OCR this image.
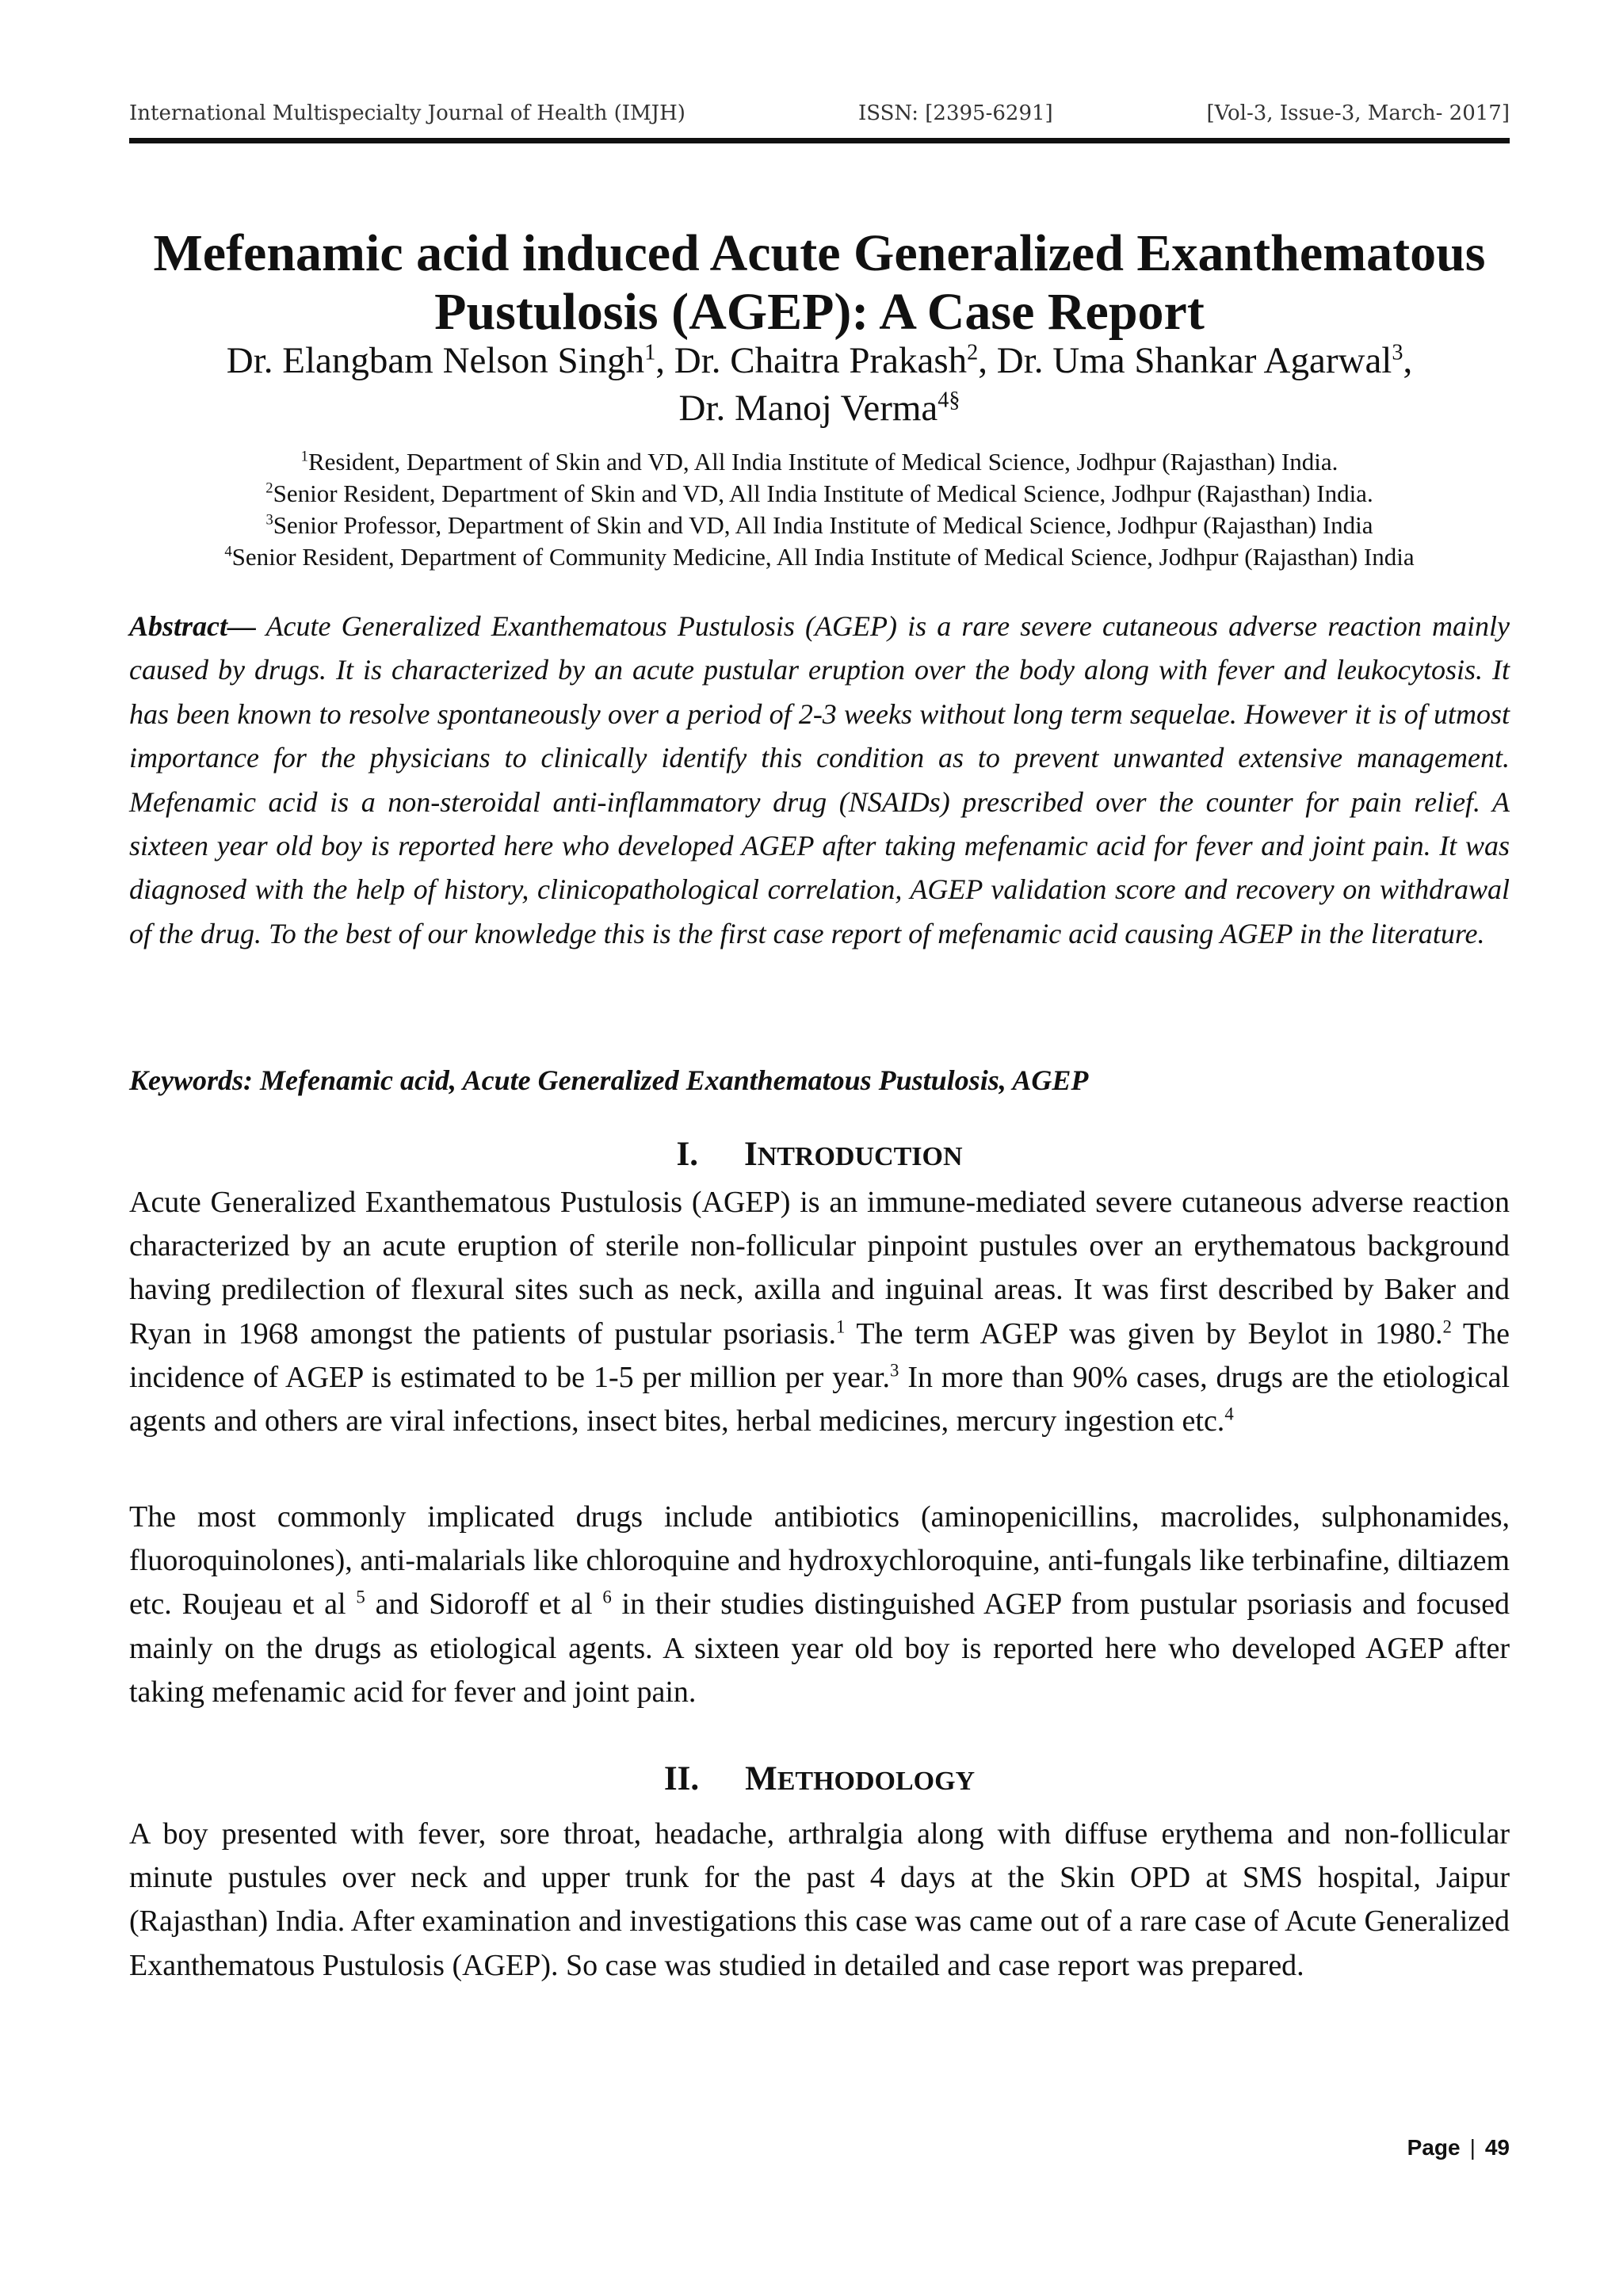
International Multispecialty Journal of Health (IMJH)	ISSN: [2395-6291]	[Vol-3, Issue-3, March- 2017]
Mefenamic acid induced Acute Generalized Exanthematous Pustulosis (AGEP): A Case Report
Dr. Elangbam Nelson Singh$^1$, Dr. Chaitra Prakash$^2$, Dr. Uma Shankar Agarwal$^3$,
Dr. Manoj Verma$^{4\S}$
$^1$Resident, Department of Skin and VD, All India Institute of Medical Science, Jodhpur (Rajasthan) India.
$^2$Senior Resident, Department of Skin and VD, All India Institute of Medical Science, Jodhpur (Rajasthan) India.
$^3$Senior Professor, Department of Skin and VD, All India Institute of Medical Science, Jodhpur (Rajasthan) India
$^4$Senior Resident, Department of Community Medicine, All India Institute of Medical Science, Jodhpur (Rajasthan) India

Abstract— Acute Generalized Exanthematous Pustulosis (AGEP) is a rare severe cutaneous adverse reaction mainly caused by drugs. It is characterized by an acute pustular eruption over the body along with fever and leukocytosis. It has been known to resolve spontaneously over a period of 2-3 weeks without long term sequelae. However it is of utmost importance for the physicians to clinically identify this condition as to prevent unwanted extensive management. Mefenamic acid is a non-steroidal anti-inflammatory drug (NSAIDs) prescribed over the counter for pain relief. A sixteen year old boy is reported here who developed AGEP after taking mefenamic acid for fever and joint pain. It was diagnosed with the help of history, clinicopathological correlation, AGEP validation score and recovery on withdrawal of the drug. To the best of our knowledge this is the first case report of mefenamic acid causing AGEP in the literature.

Keywords: Mefenamic acid, Acute Generalized Exanthematous Pustulosis, AGEP

I. INTRODUCTION

Acute Generalized Exanthematous Pustulosis (AGEP) is an immune-mediated severe cutaneous adverse reaction characterized by an acute eruption of sterile non-follicular pinpoint pustules over an erythematous background having predilection of flexural sites such as neck, axilla and inguinal areas. It was first described by Baker and Ryan in 1968 amongst the patients of pustular psoriasis.$^1$ The term AGEP was given by Beylot in 1980.$^2$ The incidence of AGEP is estimated to be 1-5 per million per year.$^3$ In more than 90% cases, drugs are the etiological agents and others are viral infections, insect bites, herbal medicines, mercury ingestion etc.$^4$

The most commonly implicated drugs include antibiotics (aminopenicillins, macrolides, sulphonamides, fluoroquinolones), anti-malarials like chloroquine and hydroxychloroquine, anti-fungals like terbinafine, diltiazem etc. Roujeau et al $^5$ and Sidoroff et al $^6$ in their studies distinguished AGEP from pustular psoriasis and focused mainly on the drugs as etiological agents. A sixteen year old boy is reported here who developed AGEP after taking mefenamic acid for fever and joint pain.

II. METHODOLOGY

A boy presented with fever, sore throat, headache, arthralgia along with diffuse erythema and non-follicular minute pustules over neck and upper trunk for the past 4 days at the Skin OPD at SMS hospital, Jaipur (Rajasthan) India. After examination and investigations this case was came out of a rare case of Acute Generalized Exanthematous Pustulosis (AGEP). So case was studied in detailed and case report was prepared.

Page | 49
